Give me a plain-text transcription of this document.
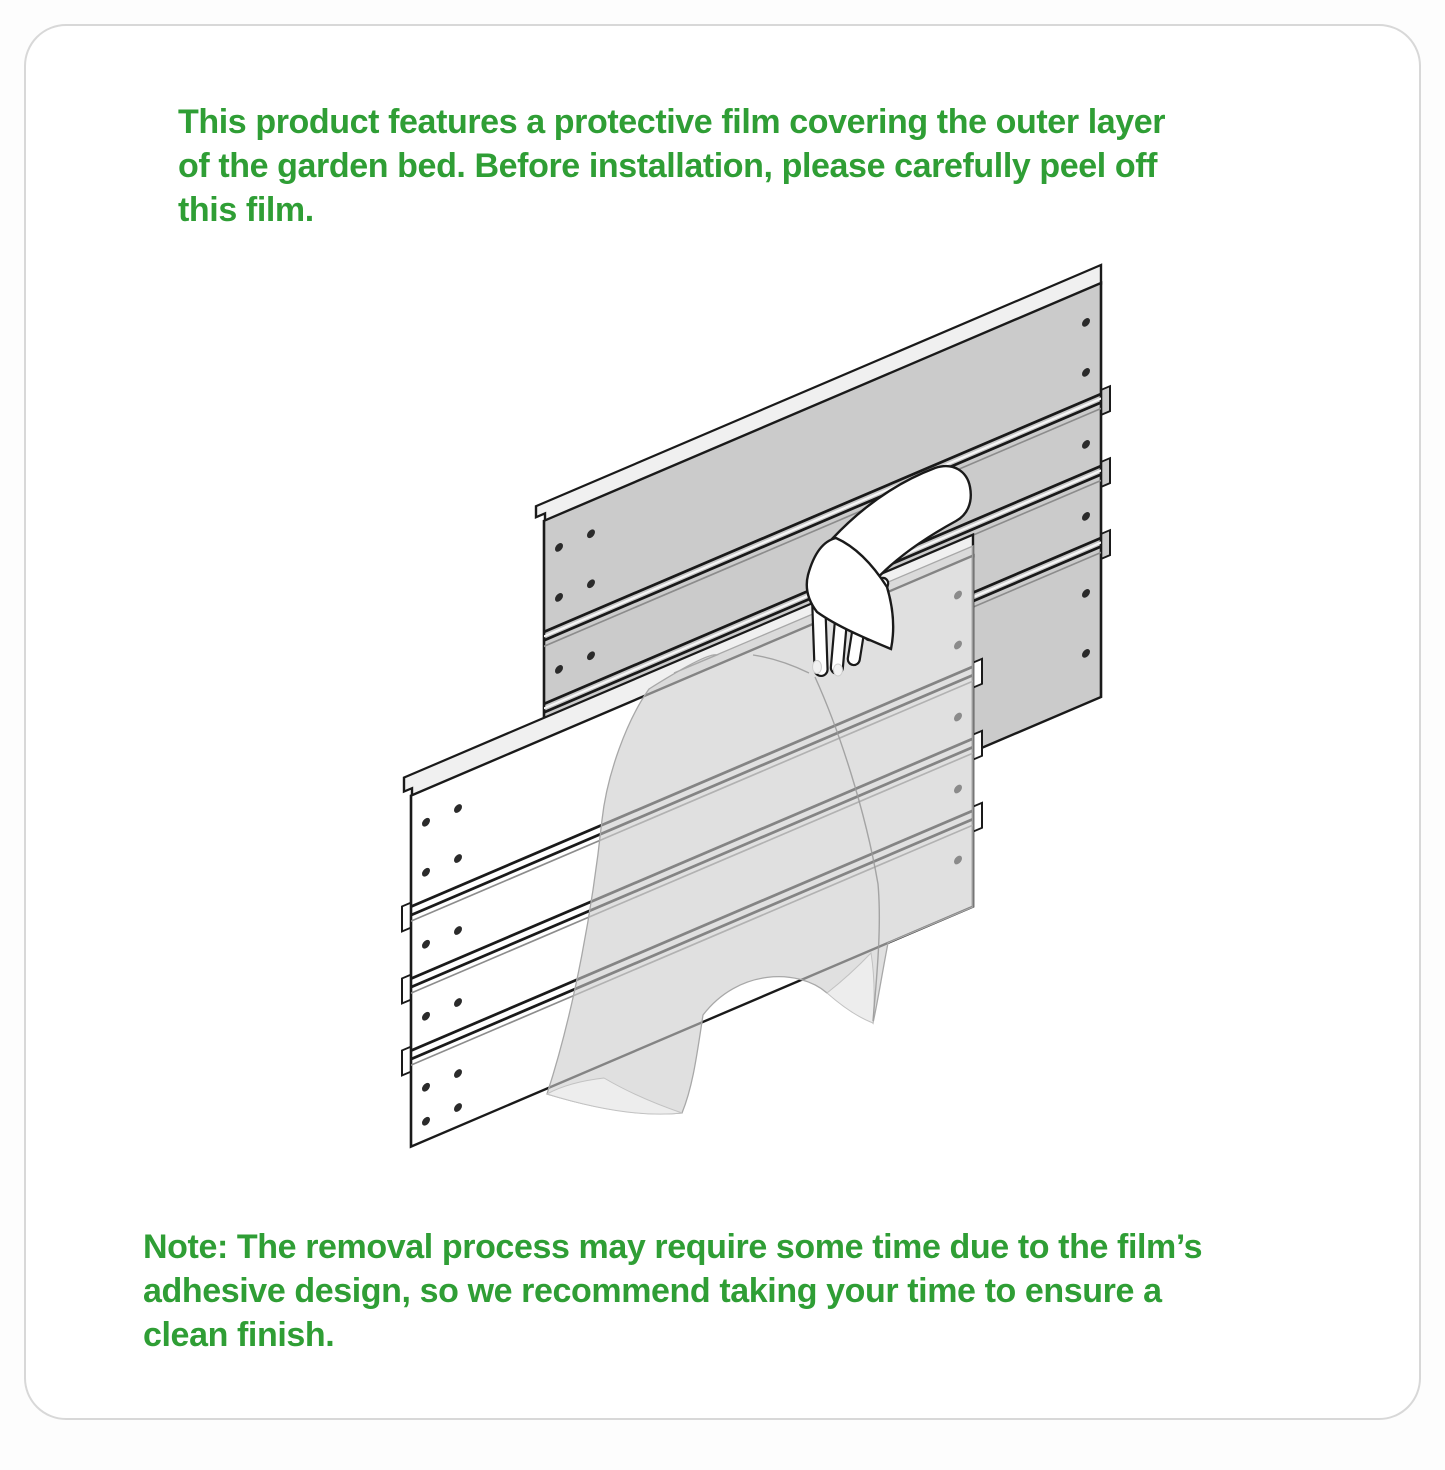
This product features a protective film covering the outer layer
of the garden bed. Before installation, please carefully peel off
this film.
Note: The removal process may require some time due to the film’s
adhesive design, so we recommend taking your time to ensure a
clean finish.
